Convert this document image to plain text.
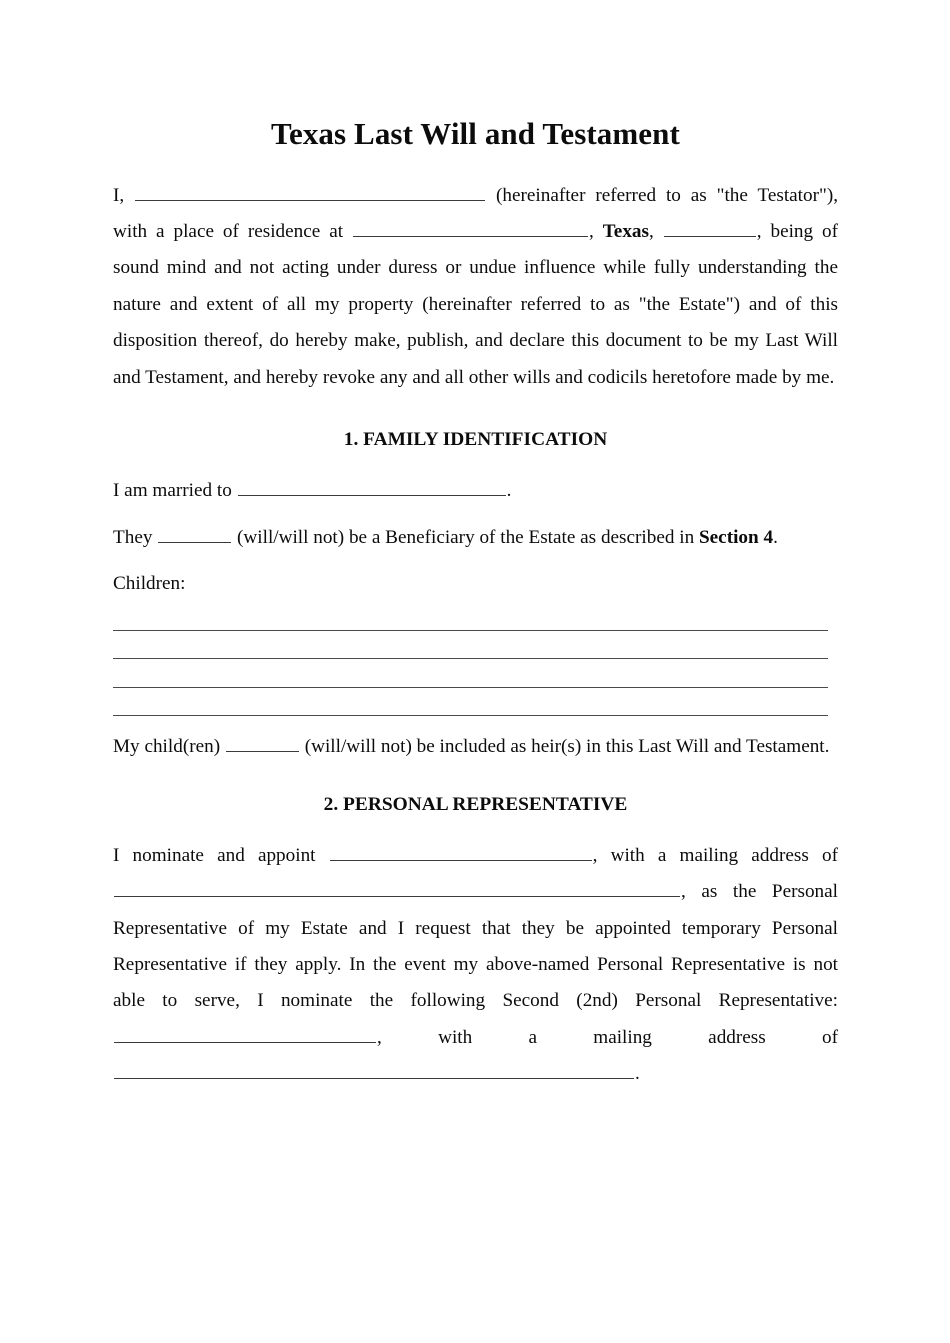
Texas Last Will and Testament

I,	(hereinafter referred to as "the Testator"), with a place of residence at	, Texas,	, being of sound mind and not acting under duress or undue influence while fully understanding the nature and extent of all my property (hereinafter referred to as "the Estate") and of this disposition thereof, do hereby make, publish, and declare this document to be my Last Will and Testament, and hereby revoke any and all other wills and codicils heretofore made by me.

1. FAMILY IDENTIFICATION

I am married to	.

They	(will/will not) be a Beneficiary of the Estate as described in Section 4.

Children:

My child(ren)	(will/will not) be included as heir(s) in this Last Will and Testament.

2. PERSONAL REPRESENTATIVE

I nominate and appoint	, with a mailing address of , as the Personal Representative of my Estate and I request that they be appointed temporary Personal Representative if they apply. In the event my above-named Personal Representative is not able to serve, I nominate the following Second (2nd) Personal Representative: , with a mailing address of .
